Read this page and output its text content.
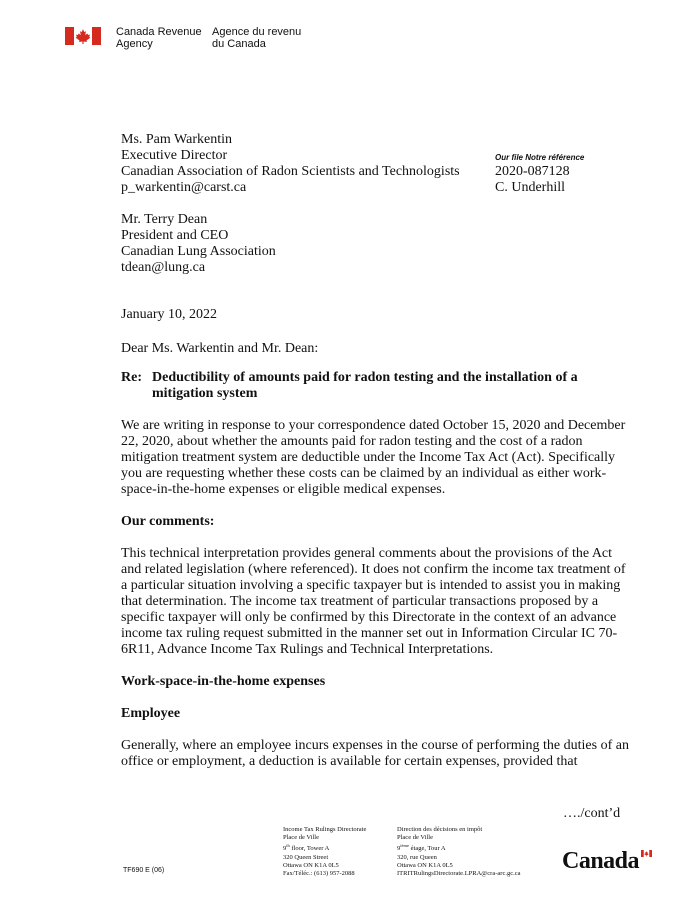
Canada Revenue
Agency
Agence du revenu
du Canada
Ms. Pam Warkentin
Executive Director
Canadian Association of Radon Scientists and Technologists
p_warkentin@carst.ca
Our file Notre référence
2020-087128
C. Underhill
Mr. Terry Dean
President and CEO
Canadian Lung Association
tdean@lung.ca
January 10, 2022
Dear Ms. Warkentin and Mr. Dean:
Re: Deductibility of amounts paid for radon testing and the installation of a mitigation system
We are writing in response to your correspondence dated October 15, 2020 and December 22, 2020, about whether the amounts paid for radon testing and the cost of a radon mitigation treatment system are deductible under the Income Tax Act (Act). Specifically you are requesting whether these costs can be claimed by an individual as either work-space-in-the-home expenses or eligible medical expenses.
Our comments:
This technical interpretation provides general comments about the provisions of the Act and related legislation (where referenced). It does not confirm the income tax treatment of a particular situation involving a specific taxpayer but is intended to assist you in making that determination. The income tax treatment of particular transactions proposed by a specific taxpayer will only be confirmed by this Directorate in the context of an advance income tax ruling request submitted in the manner set out in Information Circular IC 70-6R11, Advance Income Tax Rulings and Technical Interpretations.
Work-space-in-the-home expenses
Employee
Generally, where an employee incurs expenses in the course of performing the duties of an office or employment, a deduction is available for certain expenses, provided that
…./cont’d
Income Tax Rulings Directorate
Place de Ville
9th floor, Tower A
320 Queen Street
Ottawa ON K1A 0L5
Fax/Téléc.: (613) 957-2088
Direction des décisions en impôt
Place de Ville
9ième étage, Tour A
320, rue Queen
Ottawa ON K1A 0L5
ITRITRulingsDirectorate.LPRA@cra-arc.gc.ca
TF690 E (06)	Canada
